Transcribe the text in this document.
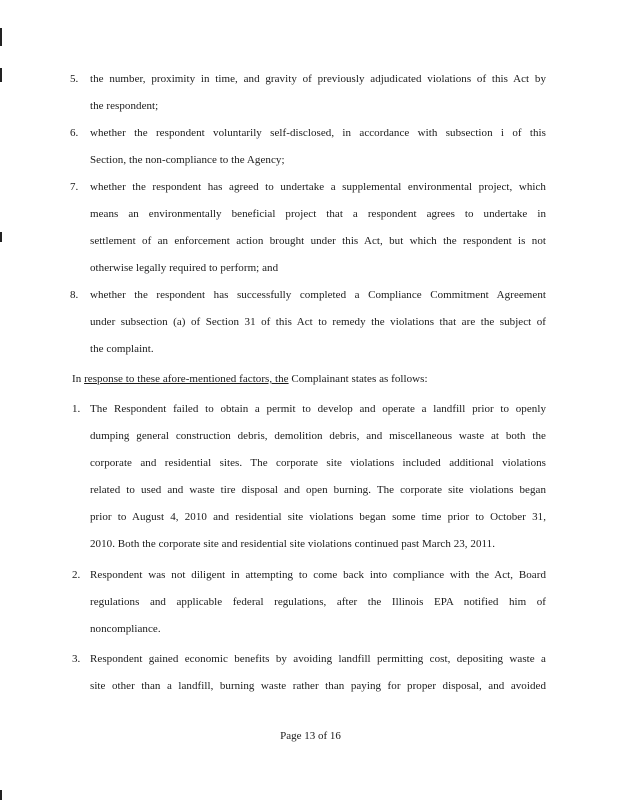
5.	the number, proximity in time, and gravity of previously adjudicated violations of this Act by
the respondent;
6.	whether the respondent voluntarily self-disclosed, in accordance with subsection i of this
Section, the non-compliance to the Agency;
7.	whether the respondent has agreed to undertake a supplemental environmental project, which
means an environmentally beneficial project that a respondent agrees to undertake in
settlement of an enforcement action brought under this Act, but which the respondent is not
otherwise legally required to perform; and
8.	whether the respondent has successfully completed a Compliance Commitment Agreement
under subsection (a) of Section 31 of this Act to remedy the violations that are the subject of
the complaint.
In response to these afore-mentioned factors, the Complainant states as follows:
1. The Respondent failed to obtain a permit to develop and operate a landfill prior to openly
dumping general construction debris, demolition debris, and miscellaneous waste at both the
corporate and residential sites. The corporate site violations included additional violations
related to used and waste tire disposal and open burning. The corporate site violations began
prior to August 4, 2010 and residential site violations began some time prior to October 31,
2010. Both the corporate site and residential site violations continued past March 23, 2011.
2. Respondent was not diligent in attempting to come back into compliance with the Act, Board
regulations and applicable federal regulations, after the Illinois EPA notified him of
noncompliance.
3. Respondent gained economic benefits by avoiding landfill permitting cost, depositing waste a
site other than a landfill, burning waste rather than paying for proper disposal, and avoided
Page 13 of 16
